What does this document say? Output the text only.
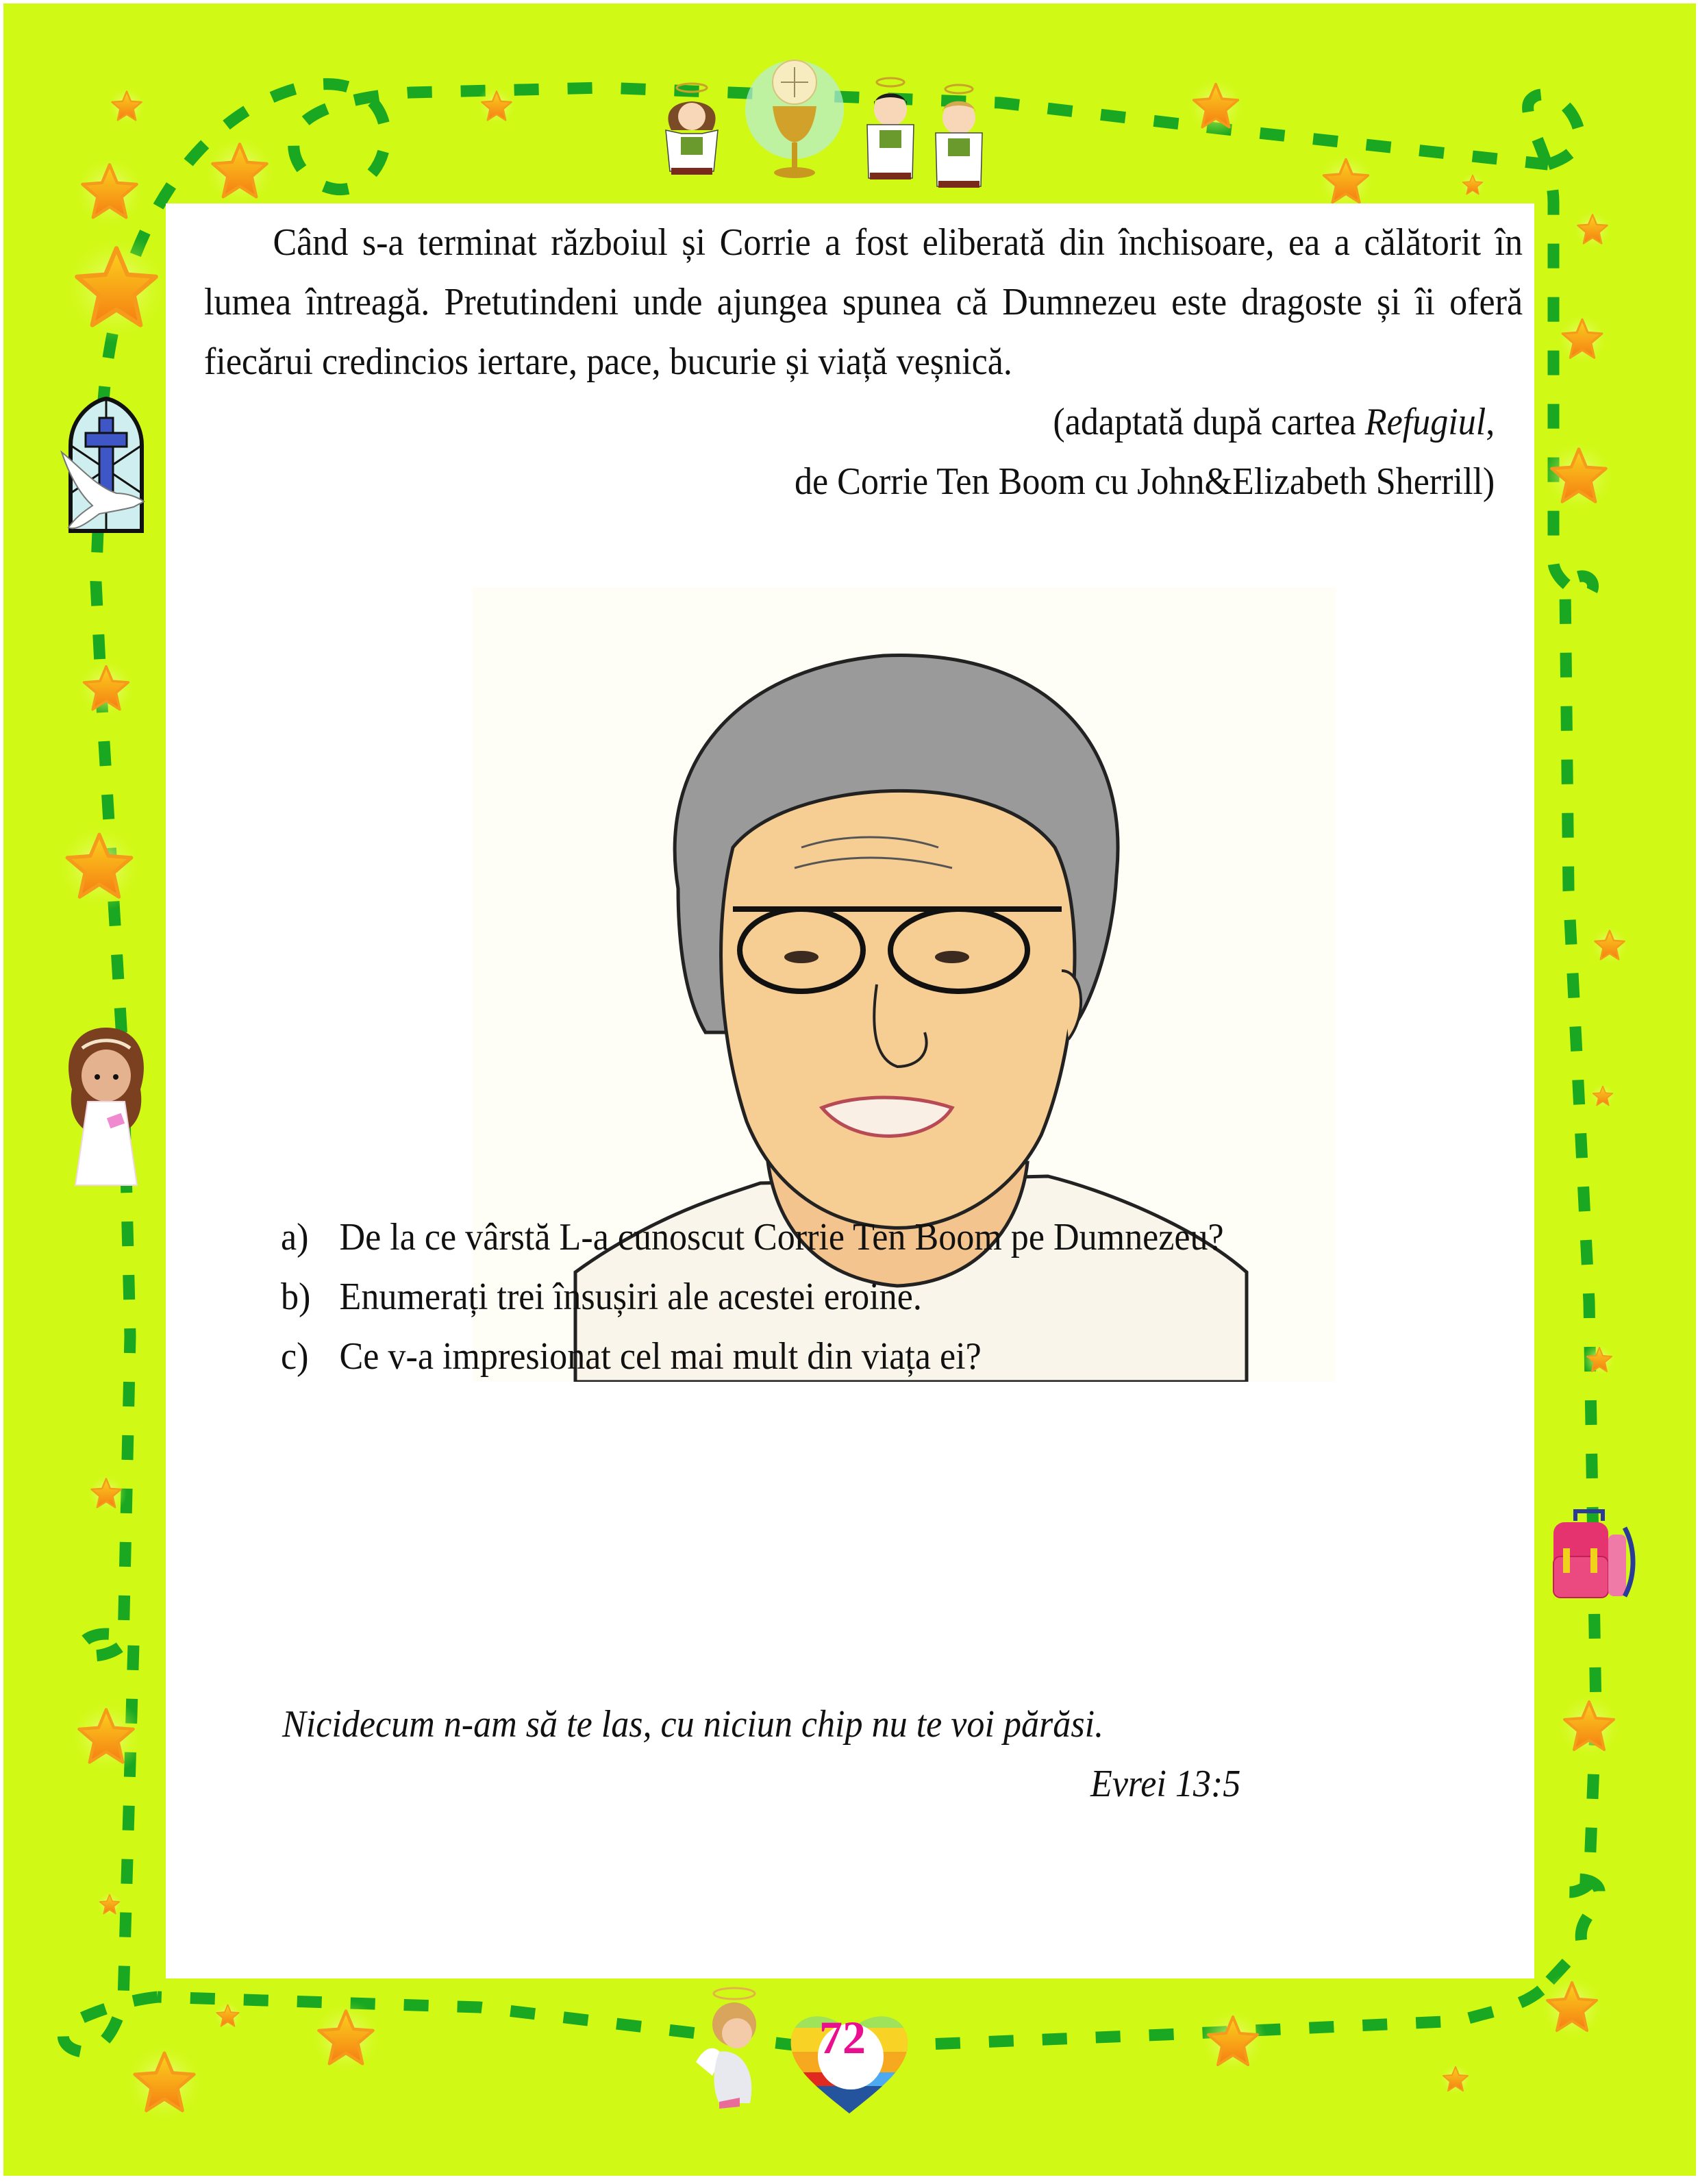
72
Când s-a terminat războiul și Corrie a fost eliberată din închisoare, ea a călătorit în lumea întreagă. Pretutindeni unde ajungea spunea că Dumnezeu este dragoste și îi oferă fiecărui credincios iertare, pace, bucurie și viață veșnică.
(adaptată după cartea Refugiul,
de Corrie Ten Boom cu John&Elizabeth Sherrill)
a) De la ce vârstă L-a cunoscut Corrie Ten Boom pe Dumnezeu?
b) Enumerați trei însușiri ale acestei eroine.
c) Ce v-a impresionat cel mai mult din viața ei?
Nicidecum n-am să te las, cu niciun chip nu te voi părăsi.
Evrei 13:5
